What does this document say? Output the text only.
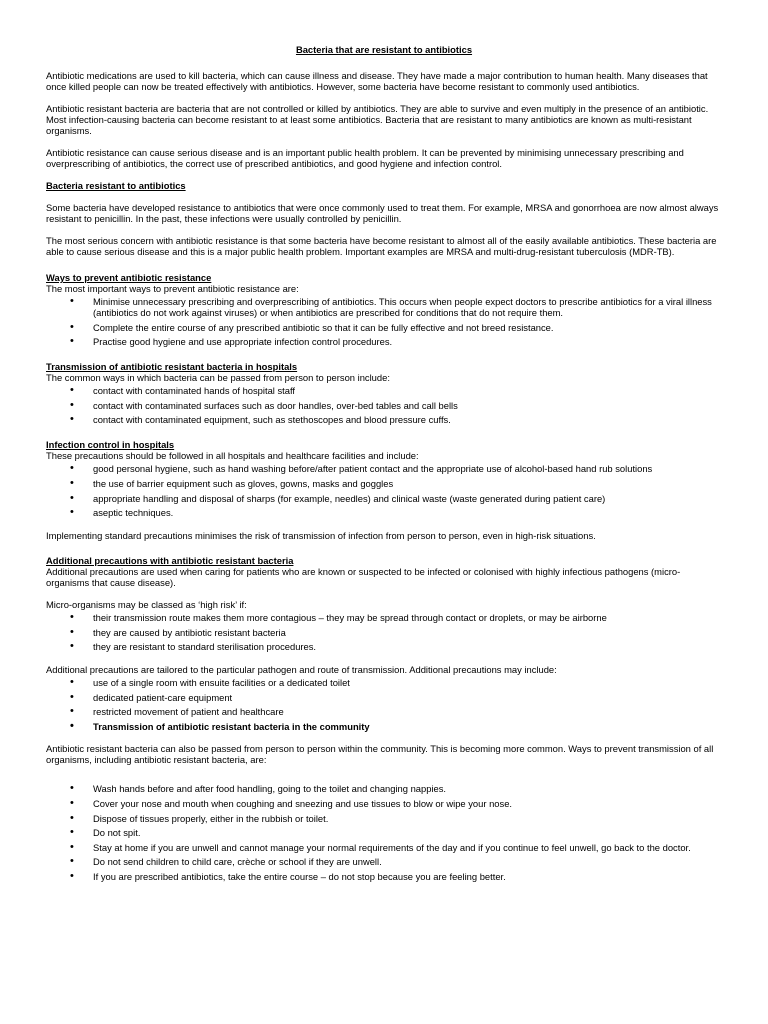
Bacteria that are resistant to antibiotics

Antibiotic medications are used to kill bacteria, which can cause illness and disease. They have made a major contribution to human health. Many diseases that once killed people can now be treated effectively with antibiotics. However, some bacteria have become resistant to commonly used antibiotics.

Antibiotic resistant bacteria are bacteria that are not controlled or killed by antibiotics. They are able to survive and even multiply in the presence of an antibiotic. Most infection-causing bacteria can become resistant to at least some antibiotics. Bacteria that are resistant to many antibiotics are known as multi-resistant organisms.

Antibiotic resistance can cause serious disease and is an important public health problem. It can be prevented by minimising unnecessary prescribing and overprescribing of antibiotics, the correct use of prescribed antibiotics, and good hygiene and infection control.

Bacteria resistant to antibiotics

Some bacteria have developed resistance to antibiotics that were once commonly used to treat them. For example, MRSA and gonorrhoea are now almost always resistant to penicillin. In the past, these infections were usually controlled by penicillin.

The most serious concern with antibiotic resistance is that some bacteria have become resistant to almost all of the easily available antibiotics. These bacteria are able to cause serious disease and this is a major public health problem. Important examples are MRSA and multi-drug-resistant tuberculosis (MDR-TB).

Ways to prevent antibiotic resistance
The most important ways to prevent antibiotic resistance are:
• Minimise unnecessary prescribing and overprescribing of antibiotics. This occurs when people expect doctors to prescribe antibiotics for a viral illness (antibiotics do not work against viruses) or when antibiotics are prescribed for conditions that do not require them.
• Complete the entire course of any prescribed antibiotic so that it can be fully effective and not breed resistance.
• Practise good hygiene and use appropriate infection control procedures.
Transmission of antibiotic resistant bacteria in hospitals
The common ways in which bacteria can be passed from person to person include:
• contact with contaminated hands of hospital staff
• contact with contaminated surfaces such as door handles, over-bed tables and call bells
• contact with contaminated equipment, such as stethoscopes and blood pressure cuffs.
Infection control in hospitals
These precautions should be followed in all hospitals and healthcare facilities and include:
• good personal hygiene, such as hand washing before/after patient contact and the appropriate use of alcohol-based hand rub solutions
• the use of barrier equipment such as gloves, gowns, masks and goggles
• appropriate handling and disposal of sharps (for example, needles) and clinical waste (waste generated during patient care)
• aseptic techniques.

Implementing standard precautions minimises the risk of transmission of infection from person to person, even in high-risk situations.

Additional precautions with antibiotic resistant bacteria

Additional precautions are used when caring for patients who are known or suspected to be infected or colonised with highly infectious pathogens (micro-organisms that cause disease).

Micro-organisms may be classed as ‘high risk’ if:
• their transmission route makes them more contagious – they may be spread through contact or droplets, or may be airborne
• they are caused by antibiotic resistant bacteria
• they are resistant to standard sterilisation procedures.
Additional precautions are tailored to the particular pathogen and route of transmission. Additional precautions may include:
• use of a single room with ensuite facilities or a dedicated toilet
• dedicated patient-care equipment
• restricted movement of patient and healthcare
• Transmission of antibiotic resistant bacteria in the community

Antibiotic resistant bacteria can also be passed from person to person within the community. This is becoming more common. Ways to prevent transmission of all organisms, including antibiotic resistant bacteria, are:

• Wash hands before and after food handling, going to the toilet and changing nappies.
• Cover your nose and mouth when coughing and sneezing and use tissues to blow or wipe your nose.
• Dispose of tissues properly, either in the rubbish or toilet.
• Do not spit.
• Stay at home if you are unwell and cannot manage your normal requirements of the day and if you continue to feel unwell, go back to the doctor.
• Do not send children to child care, crèche or school if they are unwell.
• If you are prescribed antibiotics, take the entire course – do not stop because you are feeling better.
